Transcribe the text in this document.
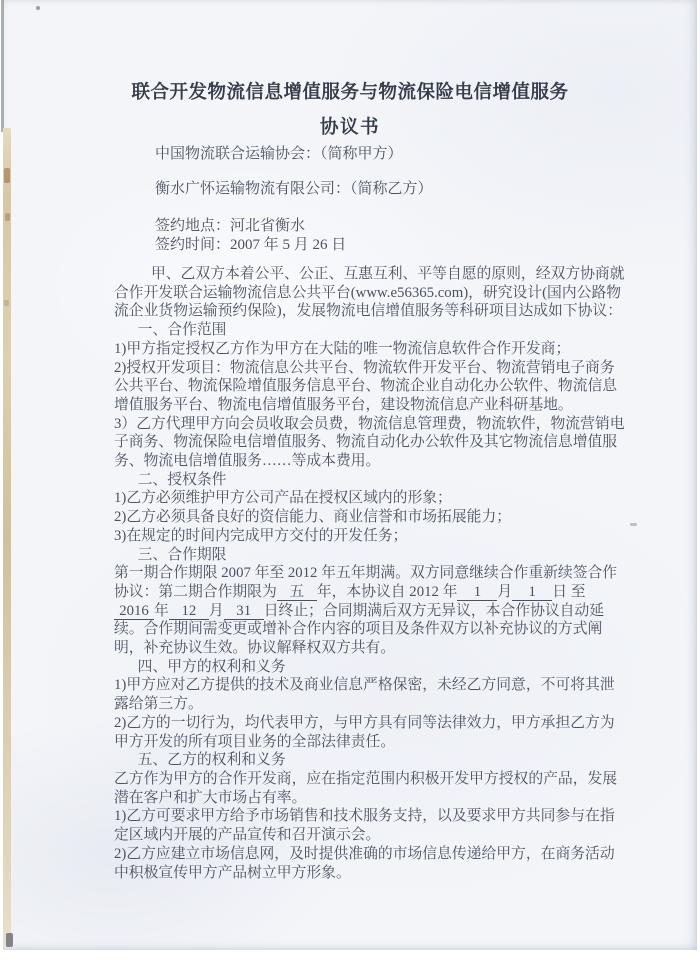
联合开发物流信息增值服务与物流保险电信增值服务
协议书

中国物流联合运输协会：（简称甲方）

衡水广怀运输物流有限公司：（简称乙方）

签约地点：河北省衡水

签约时间：2007 年 5 月 26 日

甲、乙双方本着公平、公正、互惠互利、平等自愿的原则，经双方协商就合作开发联合运输物流信息公共平台(www.e56365.com)，研究设计(国内公路物流企业货物运输预约保险)，发展物流电信增值服务等科研项目达成如下协议：

一、合作范围

1)甲方指定授权乙方作为甲方在大陆的唯一物流信息软件合作开发商；

2)授权开发项目：物流信息公共平台、物流软件开发平台、物流营销电子商务公共平台、物流保险增值服务信息平台、物流企业自动化办公软件、物流信息增值服务平台、物流电信增值服务平台，建设物流信息产业科研基地。

3）乙方代理甲方向会员收取会员费，物流信息管理费，物流软件，物流营销电子商务、物流保险电信增值服务、物流自动化办公软件及其它物流信息增值服务、物流电信增值服务……等成本费用。

二、授权条件

1)乙方必须维护甲方公司产品在授权区域内的形象；

2)乙方必须具备良好的资信能力、商业信誉和市场拓展能力；

3)在规定的时间内完成甲方交付的开发任务；

三、合作期限

第一期合作期限 2007 年至 2012 年五年期满。双方同意继续合作重新续签合作协议：第二期合作期限为 五 年，本协议自 2012 年 1 月 1 日 至 2016 年 12 月 31 日终止；合同期满后双方无异议，本合作协议自动延续。合作期间需变更或增补合作内容的项目及条件双方以补充协议的方式阐明，补充协议生效。协议解释权双方共有。

四、甲方的权利和义务

1)甲方应对乙方提供的技术及商业信息严格保密，未经乙方同意，不可将其泄露给第三方。

2)乙方的一切行为，均代表甲方，与甲方具有同等法律效力，甲方承担乙方为甲方开发的所有项目业务的全部法律责任。

五、乙方的权利和义务

乙方作为甲方的合作开发商，应在指定范围内积极开发甲方授权的产品，发展潜在客户和扩大市场占有率。

1)乙方可要求甲方给予市场销售和技术服务支持，以及要求甲方共同参与在指定区域内开展的产品宣传和召开演示会。

2)乙方应建立市场信息网，及时提供准确的市场信息传递给甲方，在商务活动中积极宣传甲方产品树立甲方形象。
